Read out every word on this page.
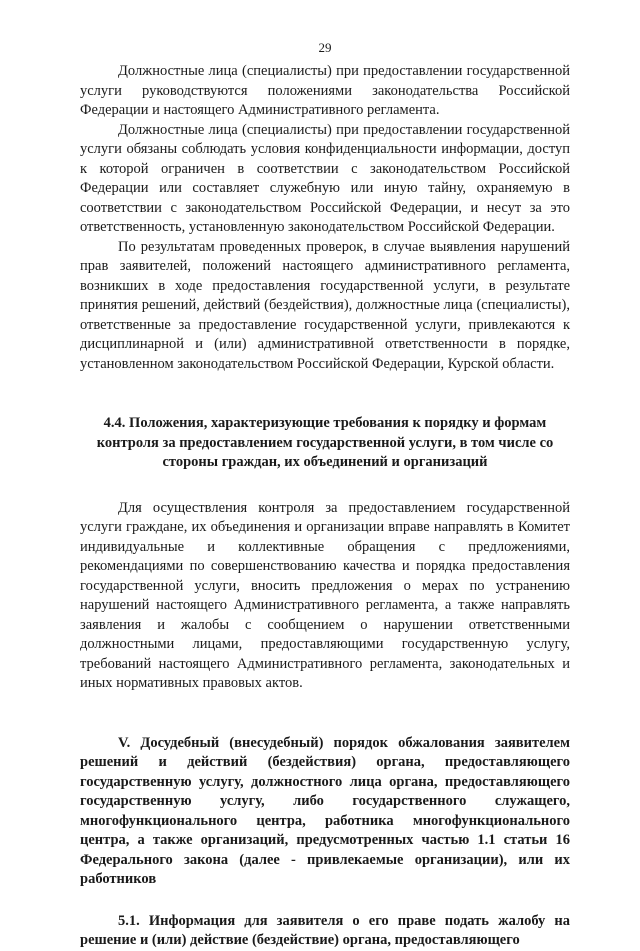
29

Должностные лица (специалисты) при предоставлении государственной услуги руководствуются положениями законодательства Российской Федерации и настоящего Административного регламента.

Должностные лица (специалисты) при предоставлении государственной услуги обязаны соблюдать условия конфиденциальности информации, доступ к которой ограничен в соответствии с законодательством Российской Федерации или составляет служебную или иную тайну, охраняемую в соответствии с законодательством Российской Федерации, и несут за это ответственность, установленную законодательством Российской Федерации.

По результатам проведенных проверок, в случае выявления нарушений прав заявителей, положений настоящего административного регламента, возникших в ходе предоставления государственной услуги, в результате принятия решений, действий (бездействия), должностные лица (специалисты), ответственные за предоставление государственной услуги, привлекаются к дисциплинарной и (или) административной ответственности в порядке, установленном законодательством Российской Федерации, Курской области.

4.4. Положения, характеризующие требования к порядку и формам контроля за предоставлением государственной услуги, в том числе со стороны граждан, их объединений и организаций

Для осуществления контроля за предоставлением государственной услуги граждане, их объединения и организации вправе направлять в Комитет индивидуальные и коллективные обращения с предложениями, рекомендациями по совершенствованию качества и порядка предоставления государственной услуги, вносить предложения о мерах по устранению нарушений настоящего Административного регламента, а также направлять заявления и жалобы с сообщением о нарушении ответственными должностными лицами, предоставляющими государственную услугу, требований настоящего Административного регламента, законодательных и иных нормативных правовых актов.

V. Досудебный (внесудебный) порядок обжалования заявителем решений и действий (бездействия) органа, предоставляющего государственную услугу, должностного лица органа, предоставляющего государственную услугу, либо государственного служащего, многофункционального центра, работника многофункционального центра, а также организаций, предусмотренных частью 1.1 статьи 16 Федерального закона (далее - привлекаемые организации), или их работников

5.1. Информация для заявителя о его праве подать жалобу на решение и (или) действие (бездействие) органа, предоставляющего
